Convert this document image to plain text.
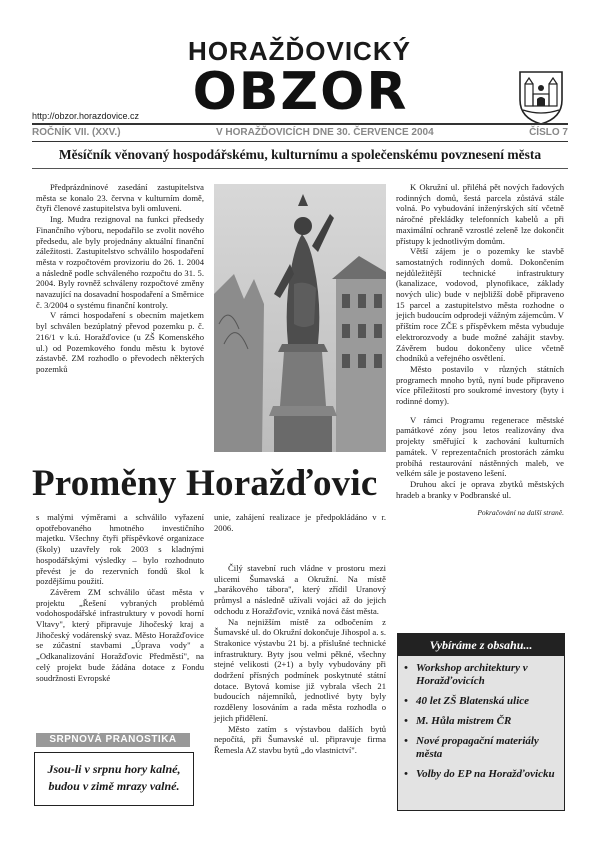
HORAŽĎOVICKÝ
OBZOR
http://obzor.horazdovice.cz
ROČNÍK VII. (XXV.)	V HORAŽĎOVICÍCH DNE 30. ČERVENCE 2004	ČÍSLO 7
Měsíčník věnovaný hospodářskému, kulturnímu a společenskému povznesení města

Předprázdninové zasedání zastupitelstva města se konalo 23. června v kulturním domě, čtyři členové zastupitelstva byli omluveni.

Ing. Mudra rezignoval na funkci předsedy Finančního výboru, nepodařilo se zvolit nového předsedu, ale byly projednány aktuální finanční záležitosti. Zastupitelstvo schválilo hospodaření města v rozpočtovém provizoriu do 26. 1. 2004 a následně podle schváleného rozpočtu do 31. 5. 2004. Byly rovněž schváleny rozpočtové změny navazující na dosavadní hospodaření a Směrnice č. 3/2004 o systému finanční kontroly.

V rámci hospodaření s obecním majetkem byl schválen bezúplatný převod pozemku p. č. 216/1 v k.ú. Horažďovice (u ZŠ Komenského ul.) od Pozemkového fondu městu k bytové zástavbě. ZM rozhodlo o převodech některých pozemků

Proměny Horažďovic

s malými výměrami a schválilo vyřazení opotřebovaného hmotného investičního majetku. Všechny čtyři příspěvkové organizace (školy) uzavřely rok 2003 s kladnými hospodářskými výsledky – bylo rozhodnuto převést je do rezervních fondů škol k pozdějšímu použití.

Závěrem ZM schválilo účast města v projektu „Řešení vybraných problémů vodohospodářské infrastruktury v povodí horní Vltavy", který připravuje Jihočeský kraj a Jihočeský vodárenský svaz. Město Horažďovice se zúčastní stavbami „Úprava vody" a „Odkanalizování Horažďovic Předměstí", na celý projekt bude žádána dotace z Fondu soudržnosti Evropské

unie, zahájení realizace je předpokládáno v r. 2006.

Čilý stavební ruch vládne v prostoru mezi ulicemi Šumavská a Okružní. Na místě „barákového tábora", který zřídil Uranový průmysl a následně užívali vojáci až do jejich odchodu z Horažďovic, vzniká nová část města.

Na nejnižším místě za odbočením z Šumavské ul. do Okružní dokončuje Jihospol a. s. Strakonice výstavbu 21 bj. a příslušné technické infrastruktury. Byty jsou velmi pěkné, všechny stejné velikosti (2+1) a byly vybudovány při dodržení přísných podmínek poskytnuté státní dotace. Bytová komise již vybrala všech 21 budoucích nájemníků, jednotlivé byty byly rozděleny losováním a rada města rozhodla o jejich přidělení.

Město zatím s výstavbou dalších bytů nepočítá, při Šumavské ul. připravuje firma Řemesla AZ stavbu bytů „do vlastnictví".

K Okružní ul. přiléhá pět nových řadových rodinných domů, šestá parcela zůstává stále volná. Po vybudování inženýrských sítí včetně náročné překládky telefonních kabelů a při maximální ochraně vzrostlé zeleně lze dokončit přístupy k jednotlivým domům.

Větší zájem je o pozemky ke stavbě samostatných rodinných domů. Dokončením nejdůležitější technické infrastruktury (kanalizace, vodovod, plynofikace, základy nových ulic) bude v nejbližší době připraveno 15 parcel a zastupitelstvo města rozhodne o jejich budoucím odprodeji vážným zájemcům. V příštím roce ZČE s příspěvkem města vybuduje elektrorozvody a bude možné zahájit stavby. Závěrem budou dokončeny ulice včetně chodníků a veřejného osvětlení.

Město postavilo v různých státních programech mnoho bytů, nyní bude připraveno více příležitostí pro soukromé investory (byty i rodinné domy).

V rámci Programu regenerace městské památkové zóny jsou letos realizovány dva projekty směřující k zachování kulturních památek. V reprezentačních prostorách zámku probíhá restaurování nástěnných maleb, ve velkém sále je postaveno lešení.

Druhou akcí je oprava zbytků městských hradeb a branky v Podbranské ul.

Pokračování na další straně.
SRPNOVÁ PRANOSTIKA
Jsou-li v srpnu hory kalné, budou v zimě mrazy valné.
Vybíráme z obsahu...
• Workshop architektury v Horažďovicích
• 40 let ZŠ Blatenská ulice
• M. Hůla mistrem ČR
• Nové propagační materiály města
• Volby do EP na Horažďovicku
